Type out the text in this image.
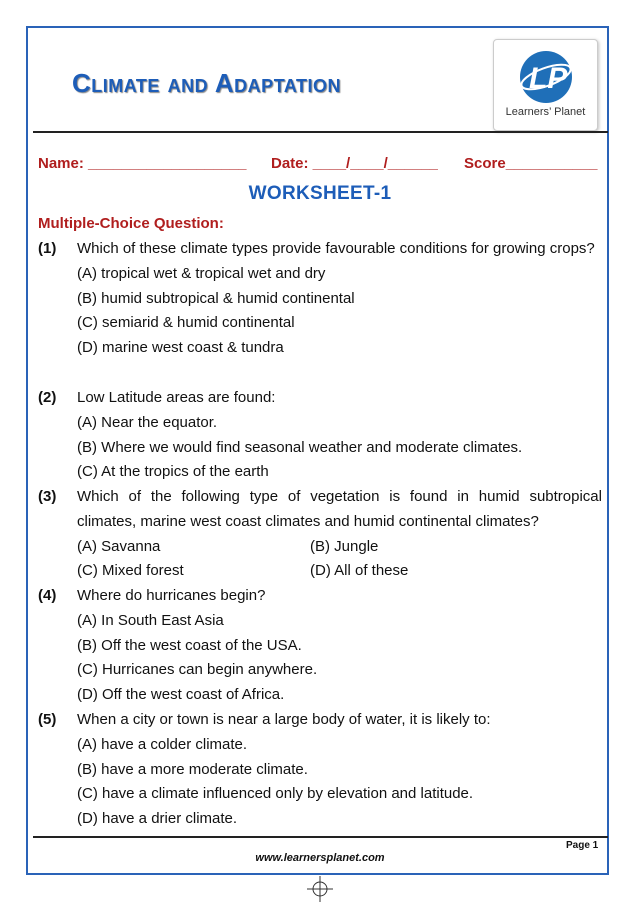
Climate and Adaptation	LP
Learners’ Planet
Name: ___________________ Date: ____/____/______ Score___________
WORKSHEET-1
Multiple-Choice Question:
(1) Which of these climate types provide favourable conditions for growing crops?
(A) tropical wet & tropical wet and dry
(B) humid subtropical & humid continental
(C) semiarid & humid continental
(D) marine west coast & tundra
(2) Low Latitude areas are found:
(A) Near the equator.
(B) Where we would find seasonal weather and moderate climates.
(C) At the tropics of the earth
(3) Which of the following type of vegetation is found in humid subtropical climates, marine west coast climates and humid continental climates?
(A) Savanna	(B) Jungle
(C) Mixed forest	(D) All of these
(4) Where do hurricanes begin?
(A) In South East Asia
(B) Off the west coast of the USA.
(C) Hurricanes can begin anywhere.
(D) Off the west coast of Africa.
(5) When a city or town is near a large body of water, it is likely to:
(A) have a colder climate.
(B) have a more moderate climate.
(C) have a climate influenced only by elevation and latitude.
(D) have a drier climate.
Page 1
www.learnersplanet.com
